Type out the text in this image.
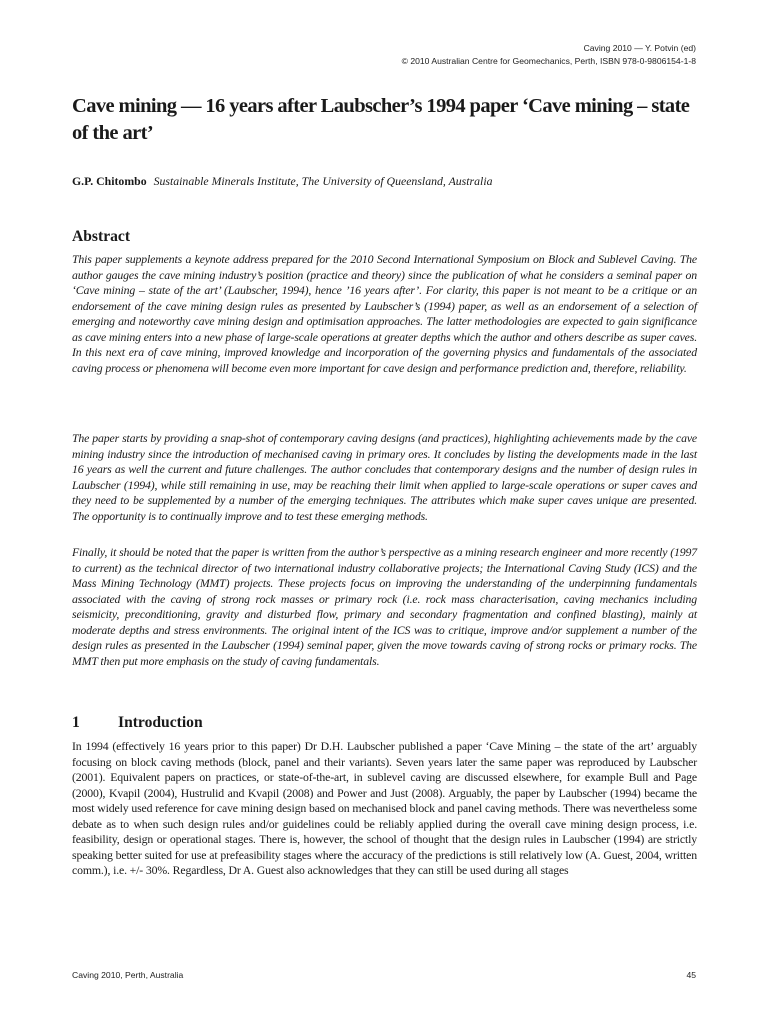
Caving 2010 — Y. Potvin (ed)
© 2010 Australian Centre for Geomechanics, Perth, ISBN 978-0-9806154-1-8
Cave mining — 16 years after Laubscher’s 1994 paper ‘Cave mining – state of the art’

G.P. Chitombo Sustainable Minerals Institute, The University of Queensland, Australia

Abstract

This paper supplements a keynote address prepared for the 2010 Second International Symposium on Block and Sublevel Caving. The author gauges the cave mining industry’s position (practice and theory) since the publication of what he considers a seminal paper on ‘Cave mining – state of the art’ (Laubscher, 1994), hence ’16 years after’. For clarity, this paper is not meant to be a critique or an endorsement of the cave mining design rules as presented by Laubscher’s (1994) paper, as well as an endorsement of a selection of emerging and noteworthy cave mining design and optimisation approaches. The latter methodologies are expected to gain significance as cave mining enters into a new phase of large-scale operations at greater depths which the author and others describe as super caves. In this next era of cave mining, improved knowledge and incorporation of the governing physics and fundamentals of the associated caving process or phenomena will become even more important for cave design and performance prediction and, therefore, reliability.

The paper starts by providing a snap-shot of contemporary caving designs (and practices), highlighting achievements made by the cave mining industry since the introduction of mechanised caving in primary ores. It concludes by listing the developments made in the last 16 years as well the current and future challenges. The author concludes that contemporary designs and the number of design rules in Laubscher (1994), while still remaining in use, may be reaching their limit when applied to large-scale operations or super caves and they need to be supplemented by a number of the emerging techniques. The attributes which make super caves unique are presented. The opportunity is to continually improve and to test these emerging methods.

Finally, it should be noted that the paper is written from the author’s perspective as a mining research engineer and more recently (1997 to current) as the technical director of two international industry collaborative projects; the International Caving Study (ICS) and the Mass Mining Technology (MMT) projects. These projects focus on improving the understanding of the underpinning fundamentals associated with the caving of strong rock masses or primary rock (i.e. rock mass characterisation, caving mechanics including seismicity, preconditioning, gravity and disturbed flow, primary and secondary fragmentation and confined blasting), mainly at moderate depths and stress environments. The original intent of the ICS was to critique, improve and/or supplement a number of the design rules as presented in the Laubscher (1994) seminal paper, given the move towards caving of strong rocks or primary rocks. The MMT then put more emphasis on the study of caving fundamentals.

1 Introduction

In 1994 (effectively 16 years prior to this paper) Dr D.H. Laubscher published a paper ‘Cave Mining – the state of the art’ arguably focusing on block caving methods (block, panel and their variants). Seven years later the same paper was reproduced by Laubscher (2001). Equivalent papers on practices, or state-of-the-art, in sublevel caving are discussed elsewhere, for example Bull and Page (2000), Kvapil (2004), Hustrulid and Kvapil (2008) and Power and Just (2008). Arguably, the paper by Laubscher (1994) became the most widely used reference for cave mining design based on mechanised block and panel caving methods. There was nevertheless some debate as to when such design rules and/or guidelines could be reliably applied during the overall cave mining design process, i.e. feasibility, design or operational stages. There is, however, the school of thought that the design rules in Laubscher (1994) are strictly speaking better suited for use at prefeasibility stages where the accuracy of the predictions is still relatively low (A. Guest, 2004, written comm.), i.e. +/- 30%. Regardless, Dr A. Guest also acknowledges that they can still be used during all stages

Caving 2010, Perth, Australia	45
